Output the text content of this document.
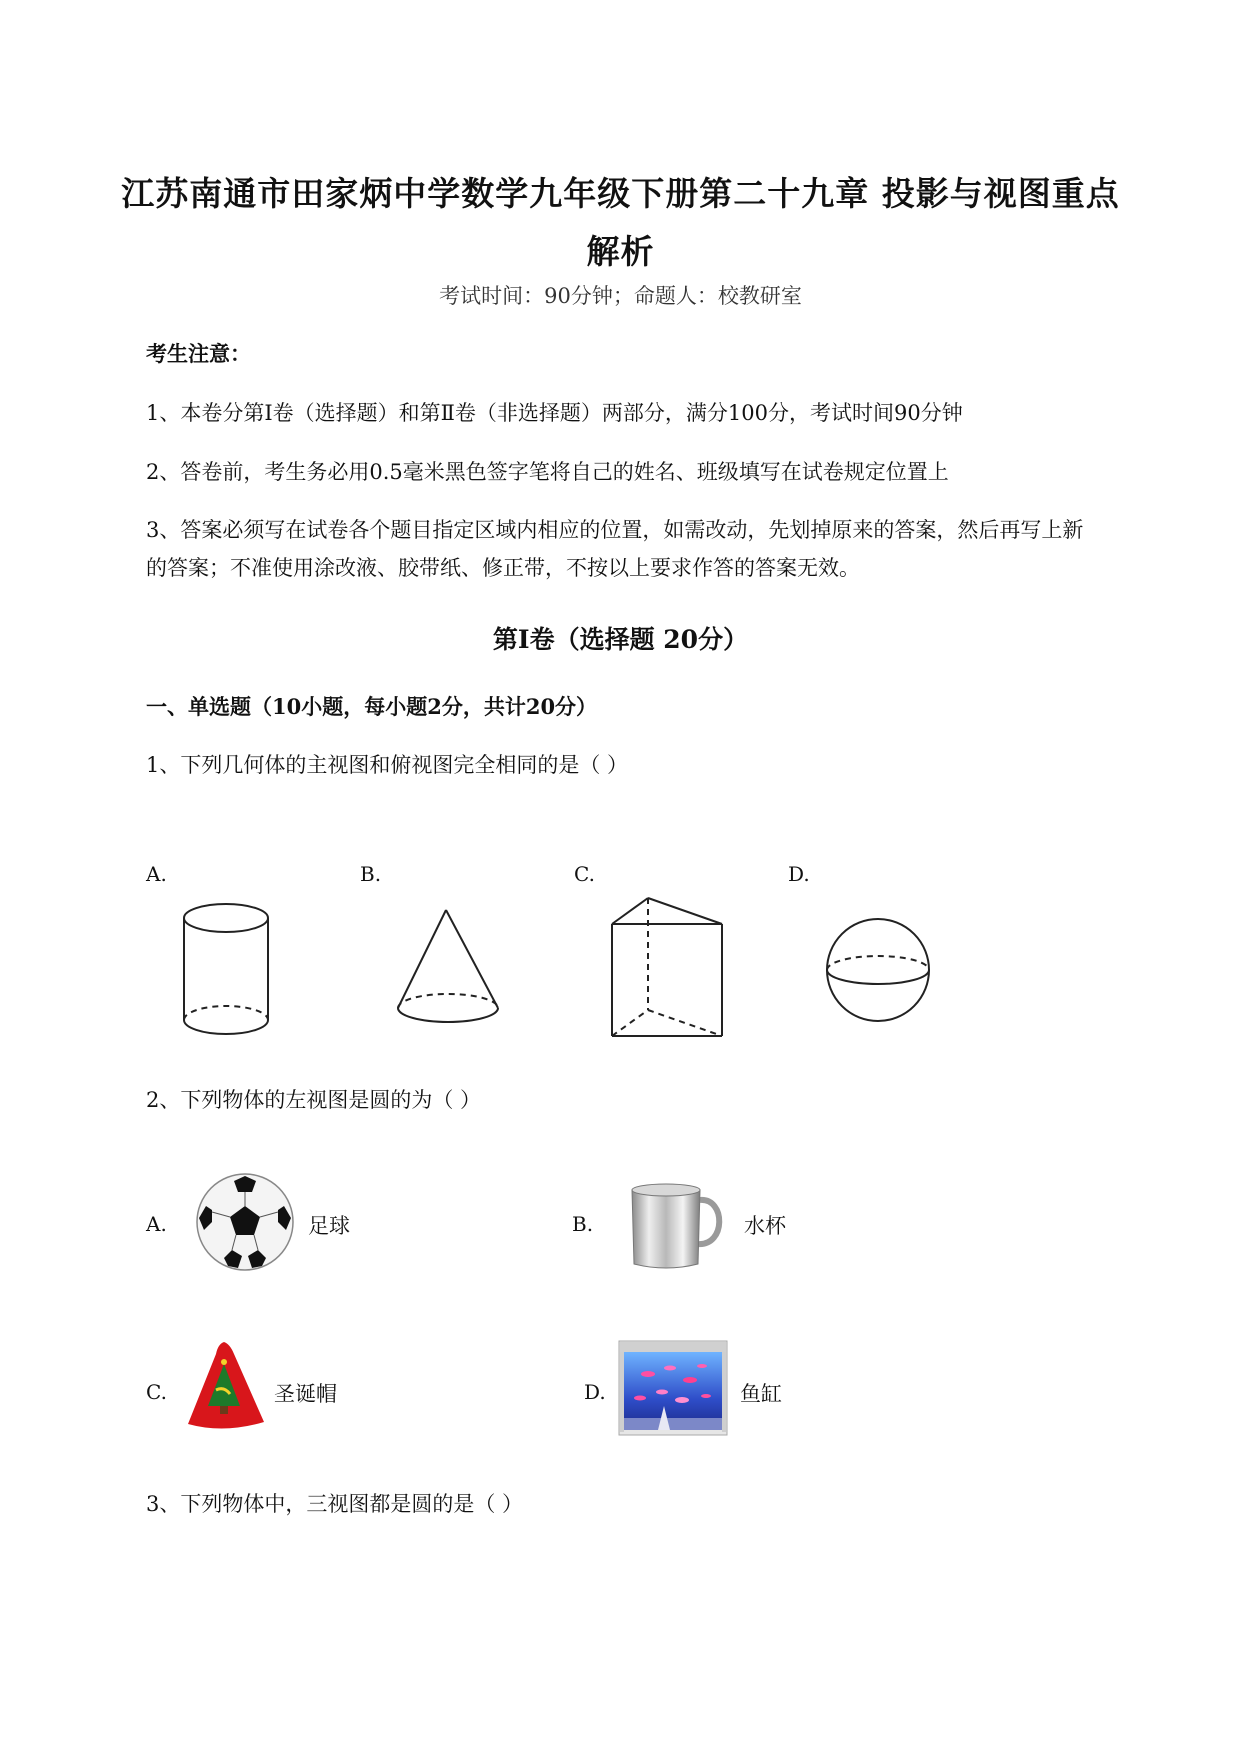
江苏南通市田家炳中学数学九年级下册第二十九章 投影与视图重点
解析
考试时间：90分钟；命题人：校教研室
考生注意：
1、本卷分第I卷（选择题）和第Ⅱ卷（非选择题）两部分，满分100分，考试时间90分钟
2、答卷前，考生务必用0.5毫米黑色签字笔将自己的姓名、班级填写在试卷规定位置上
3、答案必须写在试卷各个题目指定区域内相应的位置，如需改动，先划掉原来的答案，然后再写上新
的答案；不准使用涂改液、胶带纸、修正带，不按以上要求作答的答案无效。
第I卷（选择题 20分）
一、单选题（10小题，每小题2分，共计20分）
1、下列几何体的主视图和俯视图完全相同的是（ ）
A.	B.	C.	D.
2、下列物体的左视图是圆的为（ ）
A.	足球	B.	水杯
C.	圣诞帽	D.	鱼缸
3、下列物体中，三视图都是圆的是（ ）
